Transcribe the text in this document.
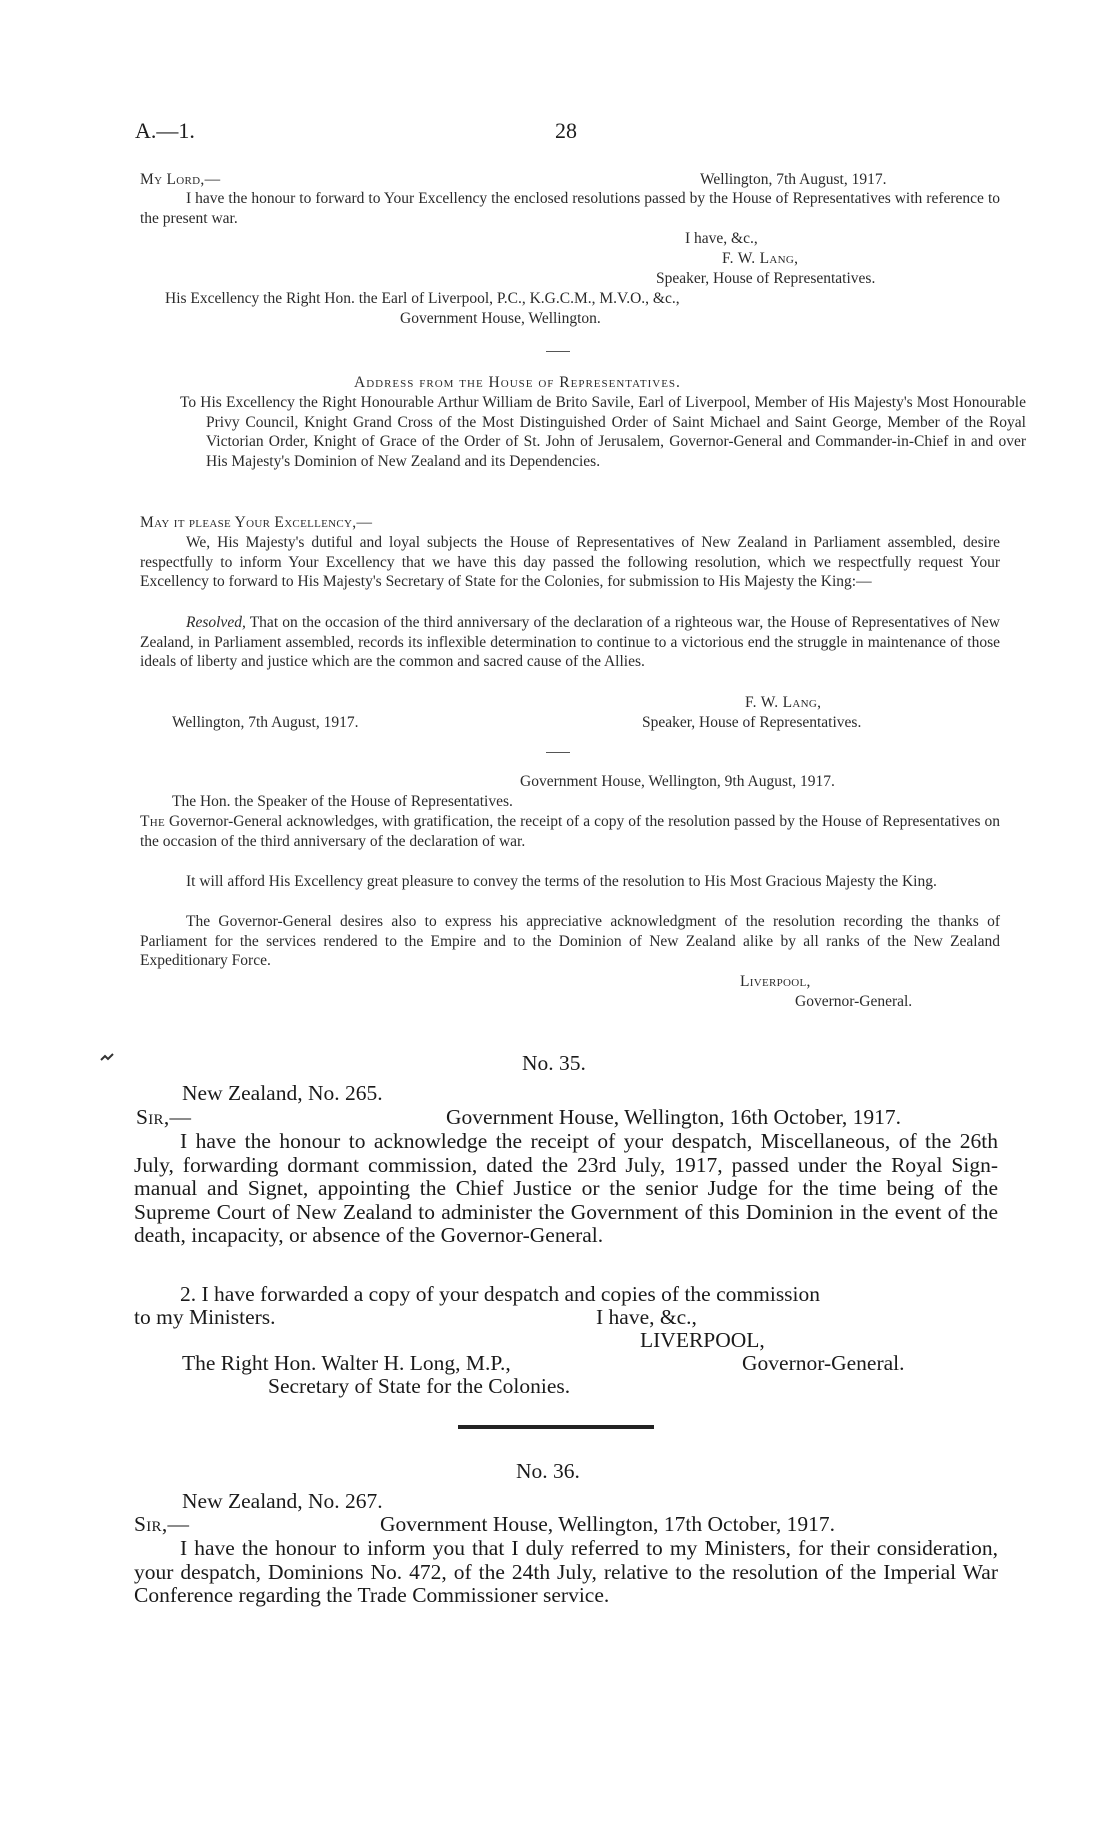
A.—1.	28
My Lord,—	Wellington, 7th August, 1917.

I have the honour to forward to Your Excellency the enclosed resolutions passed by the House of Representatives with reference to the present war.

I have, &c.,
F. W. Lang,
Speaker, House of Representatives.
His Excellency the Right Hon. the Earl of Liverpool, P.C., K.G.C.M., M.V.O., &c.,
Government House, Wellington.
Address from the House of Representatives.

To His Excellency the Right Honourable Arthur William de Brito Savile, Earl of Liverpool, Member of His Majesty's Most Honourable Privy Council, Knight Grand Cross of the Most Distinguished Order of Saint Michael and Saint George, Member of the Royal Victorian Order, Knight of Grace of the Order of St. John of Jerusalem, Governor-General and Commander-in-Chief in and over His Majesty's Dominion of New Zealand and its Dependencies.

May it please Your Excellency,—

We, His Majesty's dutiful and loyal subjects the House of Representatives of New Zealand in Parliament assembled, desire respectfully to inform Your Excellency that we have this day passed the following resolution, which we respectfully request Your Excellency to forward to His Majesty's Secretary of State for the Colonies, for submission to His Majesty the King:—

Resolved, That on the occasion of the third anniversary of the declaration of a righteous war, the House of Representatives of New Zealand, in Parliament assembled, records its inflexible determination to continue to a victorious end the struggle in maintenance of those ideals of liberty and justice which are the common and sacred cause of the Allies.

F. W. Lang,
Wellington, 7th August, 1917.	Speaker, House of Representatives.
Government House, Wellington, 9th August, 1917.
The Hon. the Speaker of the House of Representatives.

The Governor-General acknowledges, with gratification, the receipt of a copy of the resolution passed by the House of Representatives on the occasion of the third anniversary of the declaration of war.

It will afford His Excellency great pleasure to convey the terms of the resolution to His Most Gracious Majesty the King.

The Governor-General desires also to express his appreciative acknowledgment of the resolution recording the thanks of Parliament for the services rendered to the Empire and to the Dominion of New Zealand alike by all ranks of the New Zealand Expeditionary Force.

Liverpool,
Governor-General.
No. 35.
New Zealand, No. 265.
Sir,—	Government House, Wellington, 16th October, 1917.

I have the honour to acknowledge the receipt of your despatch, Miscellaneous, of the 26th July, forwarding dormant commission, dated the 23rd July, 1917, passed under the Royal Sign-manual and Signet, appointing the Chief Justice or the senior Judge for the time being of the Supreme Court of New Zealand to administer the Government of this Dominion in the event of the death, incapacity, or absence of the Governor-General.

2. I have forwarded a copy of your despatch and copies of the commission
to my Ministers.	I have, &c.,
LIVERPOOL,
The Right Hon. Walter H. Long, M.P.,	Governor-General.
Secretary of State for the Colonies.
No. 36.
New Zealand, No. 267.
Sir,—	Government House, Wellington, 17th October, 1917.

I have the honour to inform you that I duly referred to my Ministers, for their consideration, your despatch, Dominions No. 472, of the 24th July, relative to the resolution of the Imperial War Conference regarding the Trade Commissioner service.
